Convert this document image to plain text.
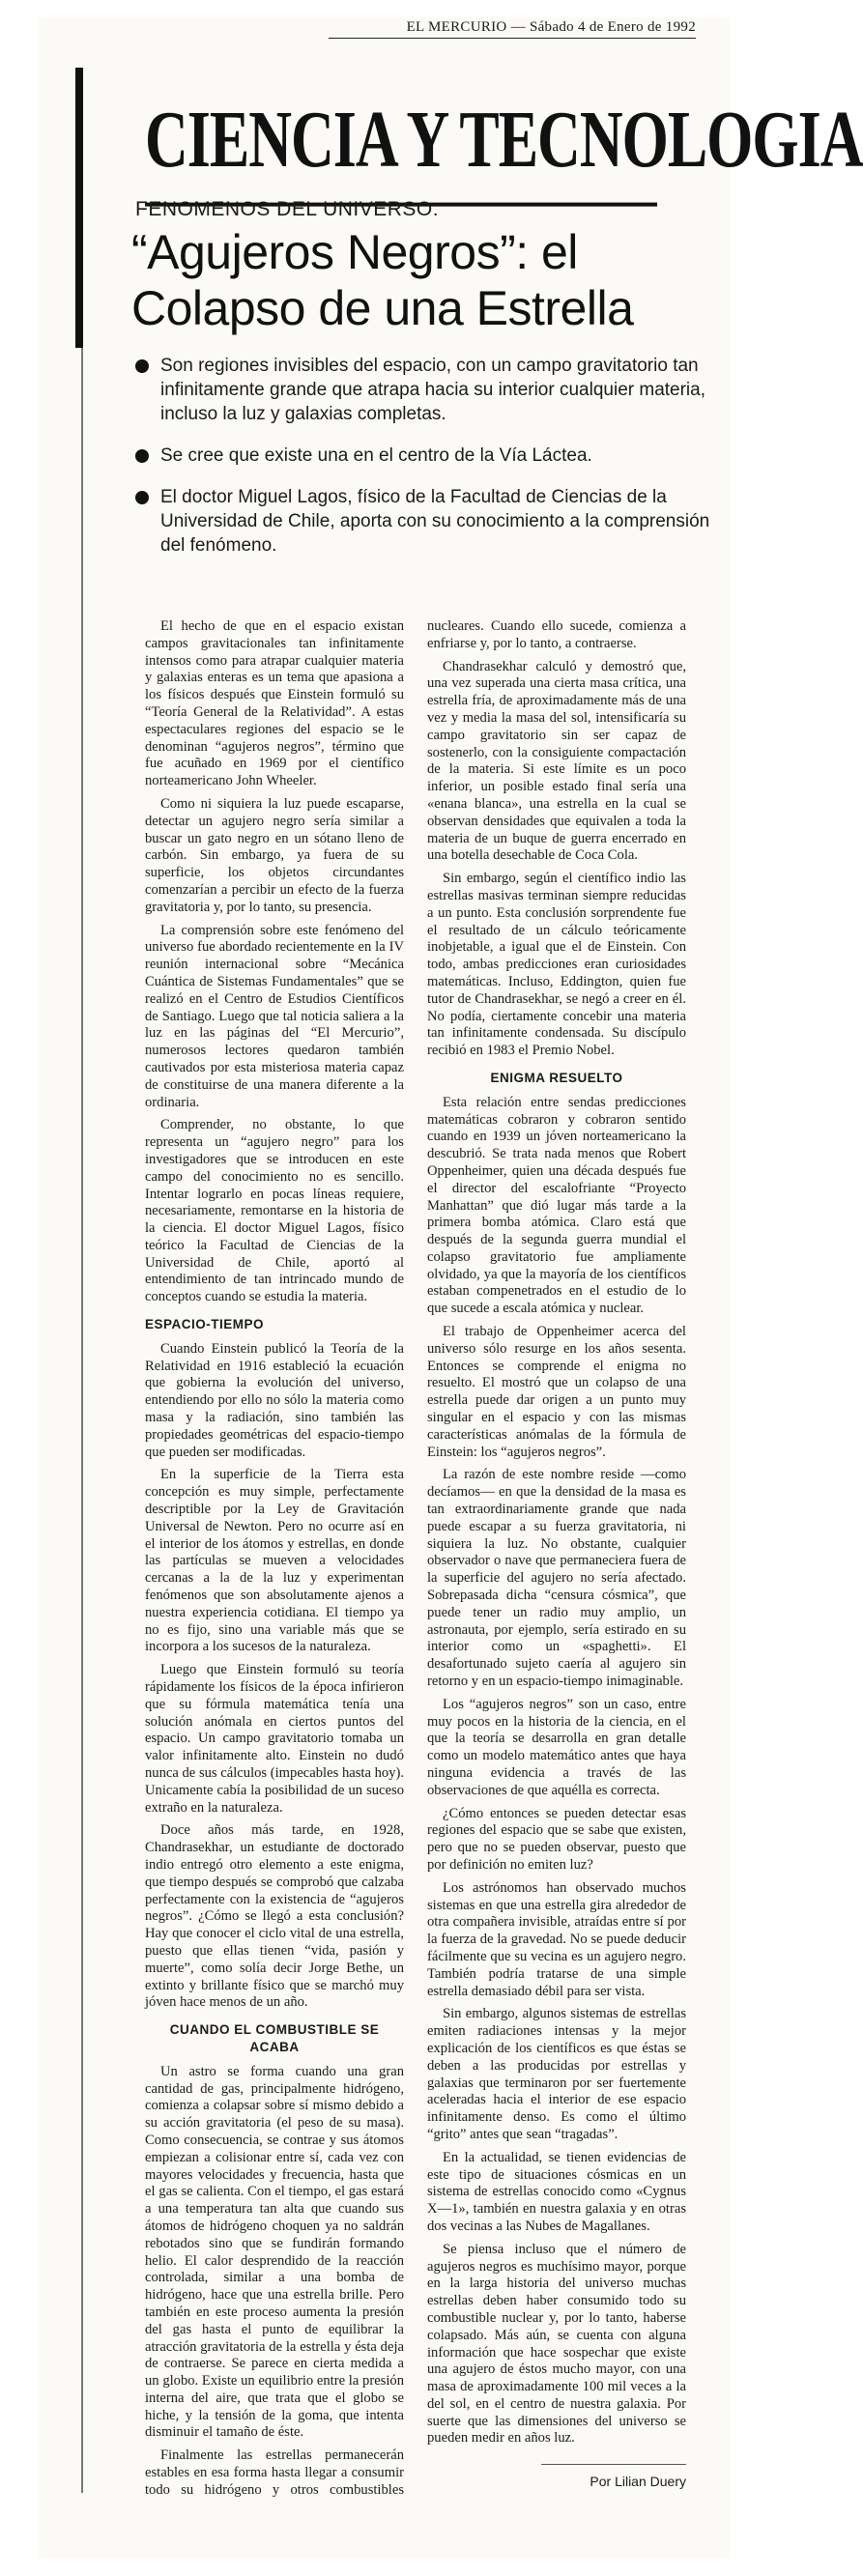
EL MERCURIO — Sábado 4 de Enero de 1992
CIENCIA Y TECNOLOGIA
FENOMENOS DEL UNIVERSO:
“Agujeros Negros”: el Colapso de una Estrella
Son regiones invisibles del espacio, con un campo gravitatorio tan infinitamente grande que atrapa hacia su interior cualquier materia, incluso la luz y galaxias completas.
Se cree que existe una en el centro de la Vía Láctea.
El doctor Miguel Lagos, físico de la Facultad de Ciencias de la Universidad de Chile, aporta con su conocimiento a la comprensión del fenómeno.

El hecho de que en el espacio existan campos gravitacionales tan infinitamente intensos como para atrapar cualquier materia y galaxias enteras es un tema que apasiona a los físicos después que Einstein formuló su “Teoría General de la Relatividad”. A estas espectaculares regiones del espacio se le denominan “agujeros negros”, término que fue acuñado en 1969 por el científico norteamericano John Wheeler.

Como ni siquiera la luz puede escaparse, detectar un agujero negro sería similar a buscar un gato negro en un sótano lleno de carbón. Sin embargo, ya fuera de su superficie, los objetos circundantes comenzarían a percibir un efecto de la fuerza gravitatoria y, por lo tanto, su presencia.

La comprensión sobre este fenómeno del universo fue abordado recientemente en la IV reunión internacional sobre “Mecánica Cuántica de Sistemas Fundamentales” que se realizó en el Centro de Estudios Científicos de Santiago. Luego que tal noticia saliera a la luz en las páginas del “El Mercurio”, numerosos lectores quedaron también cautivados por esta misteriosa materia capaz de constituirse de una manera diferente a la ordinaria.

Comprender, no obstante, lo que representa un “agujero negro” para los investigadores que se introducen en este campo del conocimiento no es sencillo. Intentar lograrlo en pocas líneas requiere, necesariamente, remontarse en la historia de la ciencia. El doctor Miguel Lagos, físico teórico la Facultad de Ciencias de la Universidad de Chile, aportó al entendimiento de tan intrincado mundo de conceptos cuando se estudia la materia.

ESPACIO-TIEMPO

Cuando Einstein publicó la Teoría de la Relatividad en 1916 estableció la ecuación que gobierna la evolución del universo, entendiendo por ello no sólo la materia como masa y la radiación, sino también las propiedades geométricas del espacio-tiempo que pueden ser modificadas.

En la superficie de la Tierra esta concepción es muy simple, perfectamente descriptible por la Ley de Gravitación Universal de Newton. Pero no ocurre así en el interior de los átomos y estrellas, en donde las partículas se mueven a velocidades cercanas a la de la luz y experimentan fenómenos que son absolutamente ajenos a nuestra experiencia cotidiana. El tiempo ya no es fijo, sino una variable más que se incorpora a los sucesos de la naturaleza.

Luego que Einstein formuló su teoría rápidamente los físicos de la época infirieron que su fórmula matemática tenía una solución anómala en ciertos puntos del espacio. Un campo gravitatorio tomaba un valor infinitamente alto. Einstein no dudó nunca de sus cálculos (impecables hasta hoy). Unicamente cabía la posibilidad de un suceso extraño en la naturaleza.

Doce años más tarde, en 1928, Chandrasekhar, un estudiante de doctorado indio entregó otro elemento a este enigma, que tiempo después se comprobó que calzaba perfectamente con la existencia de “agujeros negros”. ¿Cómo se llegó a esta conclusión? Hay que conocer el ciclo vital de una estrella, puesto que ellas tienen “vida, pasión y muerte”, como solía decir Jorge Bethe, un extinto y brillante físico que se marchó muy jóven hace menos de un año.

CUANDO EL COMBUSTIBLE SE ACABA

Un astro se forma cuando una gran cantidad de gas, principalmente hidrógeno, comienza a colapsar sobre sí mismo debido a su acción gravitatoria (el peso de su masa). Como consecuencia, se contrae y sus átomos empiezan a colisionar entre sí, cada vez con mayores velocidades y frecuencia, hasta que el gas se calienta. Con el tiempo, el gas estará a una temperatura tan alta que cuando sus átomos de hidrógeno choquen ya no saldrán rebotados sino que se fundirán formando helio. El calor desprendido de la reacción controlada, similar a una bomba de hidrógeno, hace que una estrella brille. Pero también en este proceso aumenta la presión del gas hasta el punto de equilibrar la atracción gravitatoria de la estrella y ésta deja de contraerse. Se parece en cierta medida a un globo. Existe un equilibrio entre la presión interna del aire, que trata que el globo se hiche, y la tensión de la goma, que intenta disminuir el tamaño de éste.

Finalmente las estrellas permanecerán estables en esa forma hasta llegar a consumir todo su hidrógeno y otros combustibles nucleares. Cuando ello sucede, comienza a enfriarse y, por lo tanto, a contraerse.

Chandrasekhar calculó y demostró que, una vez superada una cierta masa crítica, una estrella fría, de aproximadamente más de una vez y media la masa del sol, intensificaría su campo gravitatorio sin ser capaz de sostenerlo, con la consiguiente compactación de la materia. Si este límite es un poco inferior, un posible estado final sería una «enana blanca», una estrella en la cual se observan densidades que equivalen a toda la materia de un buque de guerra encerrado en una botella desechable de Coca Cola.

Sin embargo, según el científico indio las estrellas masivas terminan siempre reducidas a un punto. Esta conclusión sorprendente fue el resultado de un cálculo teóricamente inobjetable, a igual que el de Einstein. Con todo, ambas predicciones eran curiosidades matemáticas. Incluso, Eddington, quien fue tutor de Chandrasekhar, se negó a creer en él. No podía, ciertamente concebir una materia tan infinitamente condensada. Su discípulo recibió en 1983 el Premio Nobel.

ENIGMA RESUELTO

Esta relación entre sendas predicciones matemáticas cobraron y cobraron sentido cuando en 1939 un jóven norteamericano la descubrió. Se trata nada menos que Robert Oppenheimer, quien una década después fue el director del escalofriante “Proyecto Manhattan” que dió lugar más tarde a la primera bomba atómica. Claro está que después de la segunda guerra mundial el colapso gravitatorio fue ampliamente olvidado, ya que la mayoría de los científicos estaban compenetrados en el estudio de lo que sucede a escala atómica y nuclear.

El trabajo de Oppenheimer acerca del universo sólo resurge en los años sesenta. Entonces se comprende el enigma no resuelto. El mostró que un colapso de una estrella puede dar origen a un punto muy singular en el espacio y con las mismas características anómalas de la fórmula de Einstein: los “agujeros negros”.

La razón de este nombre reside —como decíamos— en que la densidad de la masa es tan extraordinariamente grande que nada puede escapar a su fuerza gravitatoria, ni siquiera la luz. No obstante, cualquier observador o nave que permaneciera fuera de la superficie del agujero no sería afectado. Sobrepasada dicha “censura cósmica”, que puede tener un radio muy amplio, un astronauta, por ejemplo, sería estirado en su interior como un «spaghetti». El desafortunado sujeto caería al agujero sin retorno y en un espacio-tiempo inimaginable.

Los “agujeros negros” son un caso, entre muy pocos en la historia de la ciencia, en el que la teoría se desarrolla en gran detalle como un modelo matemático antes que haya ninguna evidencia a través de las observaciones de que aquélla es correcta.

¿Cómo entonces se pueden detectar esas regiones del espacio que se sabe que existen, pero que no se pueden observar, puesto que por definición no emiten luz?

Los astrónomos han observado muchos sistemas en que una estrella gira alrededor de otra compañera invisible, atraídas entre sí por la fuerza de la gravedad. No se puede deducir fácilmente que su vecina es un agujero negro. También podría tratarse de una simple estrella demasiado débil para ser vista.

Sin embargo, algunos sistemas de estrellas emiten radiaciones intensas y la mejor explicación de los científicos es que éstas se deben a las producidas por estrellas y galaxias que terminaron por ser fuertemente aceleradas hacia el interior de ese espacio infinitamente denso. Es como el último “grito” antes que sean “tragadas”.

En la actualidad, se tienen evidencias de este tipo de situaciones cósmicas en un sistema de estrellas conocido como «Cygnus X—1», también en nuestra galaxia y en otras dos vecinas a las Nubes de Magallanes.

Se piensa incluso que el número de agujeros negros es muchísimo mayor, porque en la larga historia del universo muchas estrellas deben haber consumido todo su combustible nuclear y, por lo tanto, haberse colapsado. Más aún, se cuenta con alguna información que hace sospechar que existe una agujero de éstos mucho mayor, con una masa de aproximadamente 100 mil veces a la del sol, en el centro de nuestra galaxia. Por suerte que las dimensiones del universo se pueden medir en años luz.

Por Lilian Duery
